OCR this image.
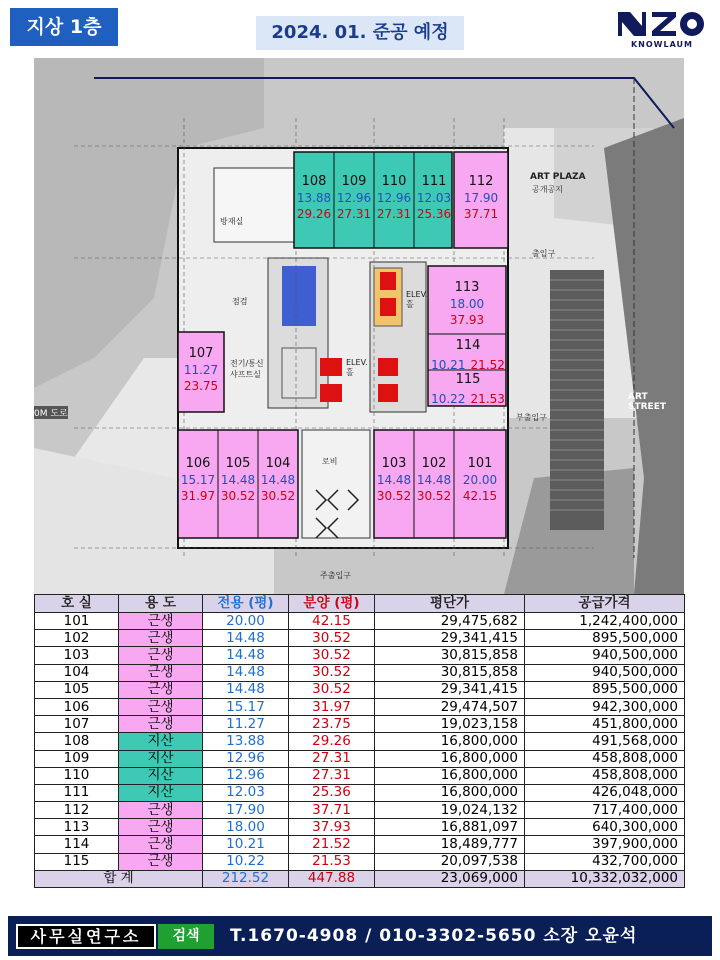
지상 1층	2024. 01. 준공 예정
KNOWLAUM
ART PLAZA
공개공지
ART STREET
로비
ELEV. 홀
ELEV. 홀
출입구
부출입구
주출입구
0M 도로
점검
방재실
전기/통신 샤프트실
108
13.88
29.26
109
12.96
27.31
110
12.96
27.31
111
12.03
25.36
112
17.90
37.71
113
18.00
37.93
114
10.21 21.52
115
10.22 21.53
107
11.27
23.75
106
15.17
31.97
105
14.48
30.52
104
14.48
30.52
103
14.48
30.52
102
14.48
30.52
101
20.00
42.15
호 실	용 도	전용 (평)	분양 (평)	평단가	공급가격
101	근생	20.00	42.15	29,475,682	1,242,400,000
102	근생	14.48	30.52	29,341,415	895,500,000
103	근생	14.48	30.52	30,815,858	940,500,000
104	근생	14.48	30.52	30,815,858	940,500,000
105	근생	14.48	30.52	29,341,415	895,500,000
106	근생	15.17	31.97	29,474,507	942,300,000
107	근생	11.27	23.75	19,023,158	451,800,000
108	지산	13.88	29.26	16,800,000	491,568,000
109	지산	12.96	27.31	16,800,000	458,808,000
110	지산	12.96	27.31	16,800,000	458,808,000
111	지산	12.03	25.36	16,800,000	426,048,000
112	근생	17.90	37.71	19,024,132	717,400,000
113	근생	18.00	37.93	16,881,097	640,300,000
114	근생	10.21	21.52	18,489,777	397,900,000
115	근생	10.22	21.53	20,097,538	432,700,000
합 계		212.52	447.88	23,069,000	10,332,032,000
사무실연구소	검색	T.1670-4908 / 010-3302-5650 소장 오윤석
